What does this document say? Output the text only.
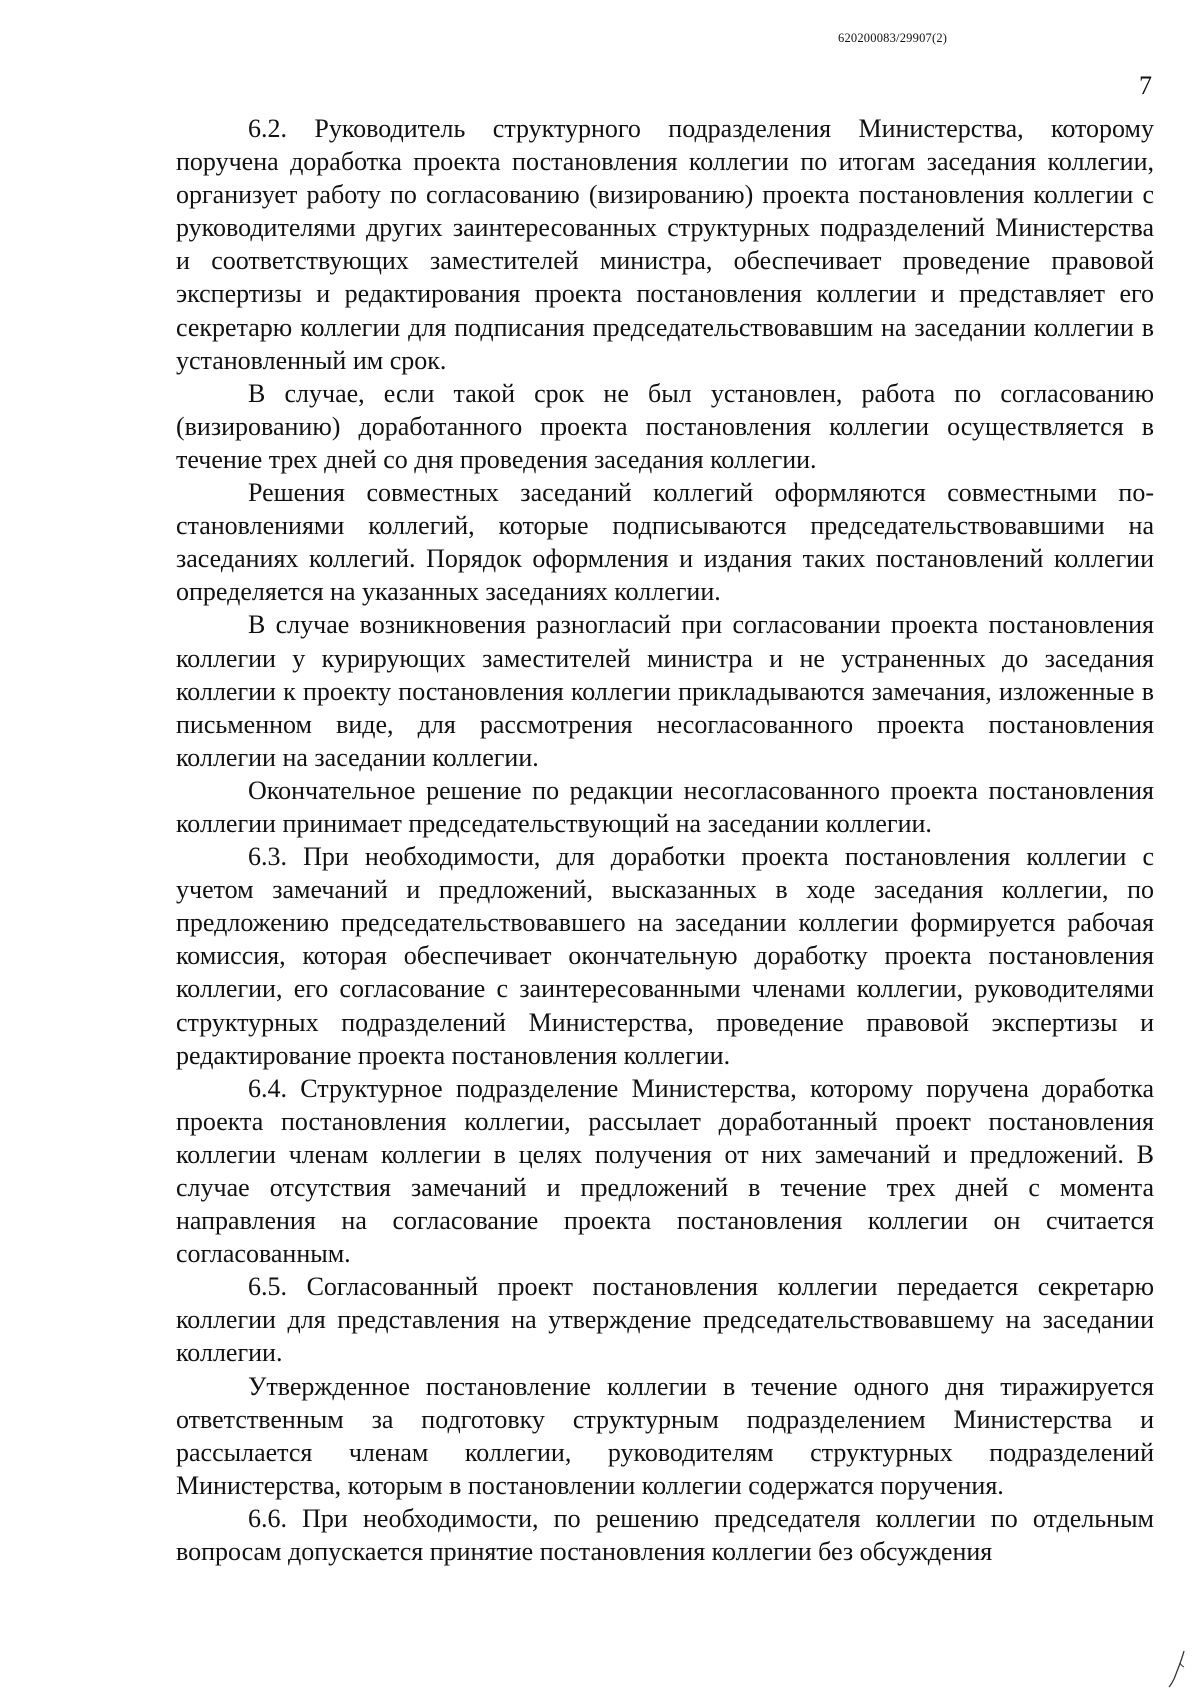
620200083/29907(2)
7

6.2. Руководитель структурного подразделения Министерства, которому поручена доработка проекта постановления коллегии по итогам заседания коллегии, организует работу по согласованию (визированию) проекта постановления коллегии с руководителями других заинтересованных структурных подразделений Министерства и соответствующих заместителей министра, обеспечивает проведение правовой экспертизы и редактирования проекта постановления коллегии и представляет его секретарю коллегии для подписания председательствовавшим на заседании коллегии в установленный им срок.

В случае, если такой срок не был установлен, работа по согласованию (визированию) доработанного проекта постановления коллегии осуществляется в течение трех дней со дня проведения заседания коллегии.

Решения совместных заседаний коллегий оформляются совместными постановлениями коллегий, которые подписываются председательствовавшими на заседаниях коллегий. Порядок оформления и издания таких постановлений коллегии определяется на указанных заседаниях коллегии.

В случае возникновения разногласий при согласовании проекта постановления коллегии у курирующих заместителей министра и не устраненных до заседания коллегии к проекту постановления коллегии прикладываются замечания, изложенные в письменном виде, для рассмотрения несогласованного проекта постановления коллегии на заседании коллегии.

Окончательное решение по редакции несогласованного проекта постановления коллегии принимает председательствующий на заседании коллегии.

6.3. При необходимости, для доработки проекта постановления коллегии с учетом замечаний и предложений, высказанных в ходе заседания коллегии, по предложению председательствовавшего на заседании коллегии формируется рабочая комиссия, которая обеспечивает окончательную доработку проекта постановления коллегии, его согласование с заинтересованными членами коллегии, руководителями структурных подразделений Министерства, проведение правовой экспертизы и редактирование проекта постановления коллегии.

6.4. Структурное подразделение Министерства, которому поручена доработка проекта постановления коллегии, рассылает доработанный проект постановления коллегии членам коллегии в целях получения от них замечаний и предложений. В случае отсутствия замечаний и предложений в течение трех дней с момента направления на согласование проекта постановления коллегии он считается согласованным.

6.5. Согласованный проект постановления коллегии передается секретарю коллегии для представления на утверждение председательствовавшему на заседании коллегии.

Утвержденное постановление коллегии в течение одного дня тиражируется ответственным за подготовку структурным подразделением Министерства и рассылается членам коллегии, руководителям структурных подразделений Министерства, которым в постановлении коллегии содержатся поручения.

6.6. При необходимости, по решению председателя коллегии по отдельным вопросам допускается принятие постановления коллегии без обсуждения
